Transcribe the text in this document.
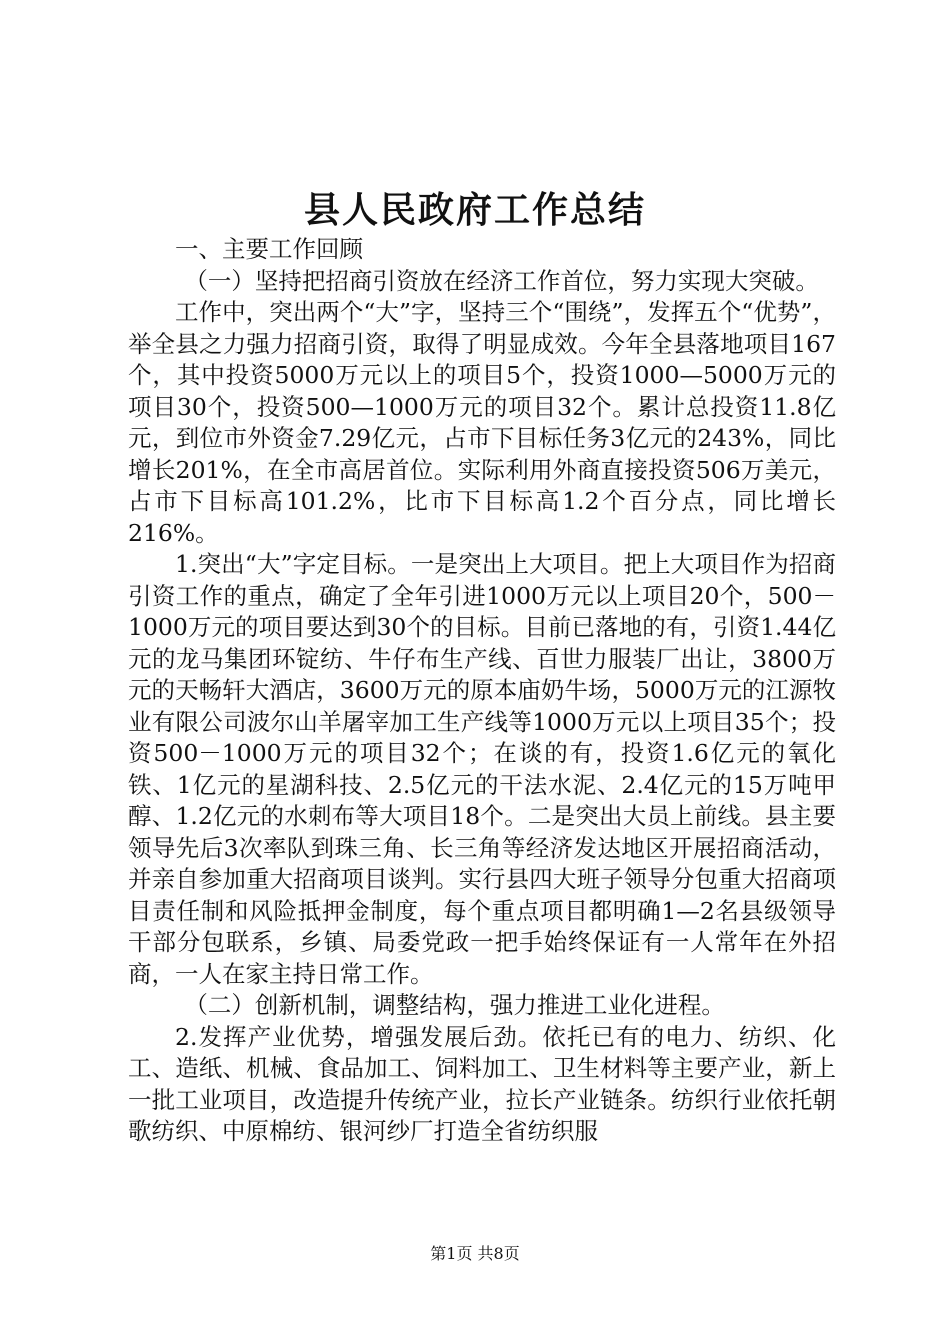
县人民政府工作总结

一、主要工作回顾

（一）坚持把招商引资放在经济工作首位，努力实现大突破。

工作中，突出两个“大”字，坚持三个“围绕”，发挥五个“优势”，举全县之力强力招商引资，取得了明显成效。今年全县落地项目167个，其中投资5000万元以上的项目5个，投资1000—5000万元的项目30个，投资500—1000万元的项目32个。累计总投资11.8亿元，到位市外资金7.29亿元，占市下目标任务3亿元的243%，同比增长201%，在全市高居首位。实际利用外商直接投资506万美元，占市下目标高101.2%，比市下目标高1.2个百分点，同比增长216%。

1.突出“大”字定目标。一是突出上大项目。把上大项目作为招商引资工作的重点，确定了全年引进1000万元以上项目20个，500－1000万元的项目要达到30个的目标。目前已落地的有，引资1.44亿元的龙马集团环锭纺、牛仔布生产线、百世力服装厂出让，3800万元的天畅轩大酒店，3600万元的原本庙奶牛场，5000万元的江源牧业有限公司波尔山羊屠宰加工生产线等1000万元以上项目35个；投资500－1000万元的项目32个；在谈的有，投资1.6亿元的氧化铁、1亿元的星湖科技、2.5亿元的干法水泥、2.4亿元的15万吨甲醇、1.2亿元的水刺布等大项目18个。二是突出大员上前线。县主要领导先后3次率队到珠三角、长三角等经济发达地区开展招商活动，并亲自参加重大招商项目谈判。实行县四大班子领导分包重大招商项目责任制和风险抵押金制度，每个重点项目都明确1—2名县级领导干部分包联系，乡镇、局委党政一把手始终保证有一人常年在外招商，一人在家主持日常工作。

（二）创新机制，调整结构，强力推进工业化进程。

2.发挥产业优势，增强发展后劲。依托已有的电力、纺织、化工、造纸、机械、食品加工、饲料加工、卫生材料等主要产业，新上一批工业项目，改造提升传统产业，拉长产业链条。纺织行业依托朝歌纺织、中原棉纺、银河纱厂打造全省纺织服

第1页 共8页
